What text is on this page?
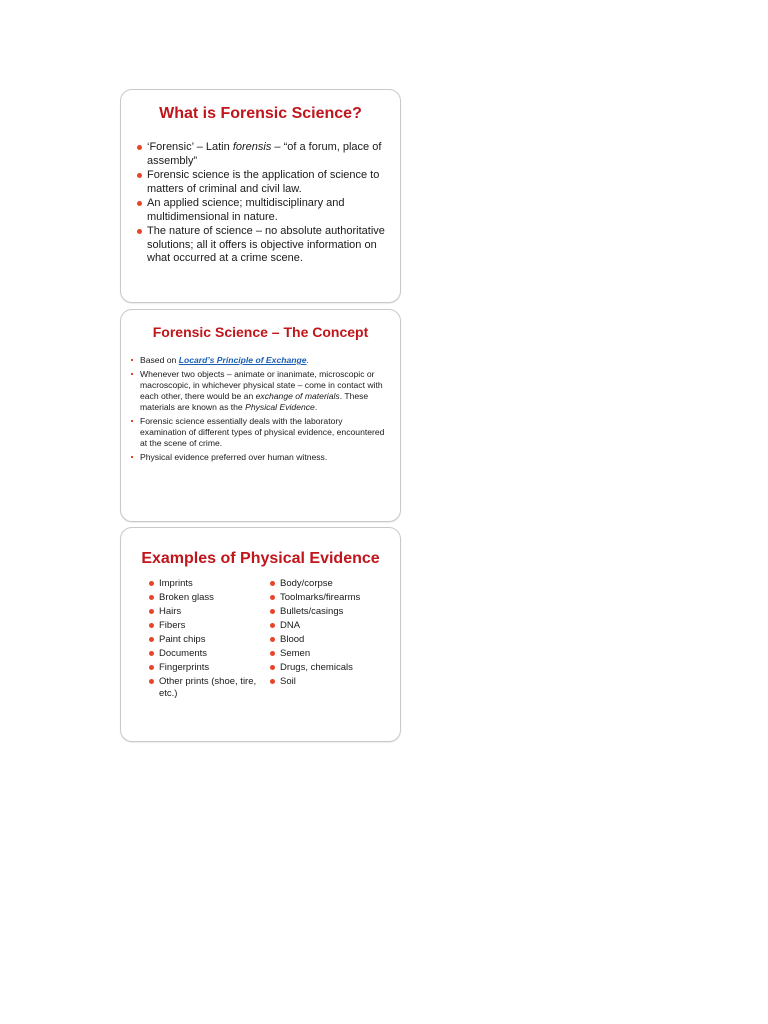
What is Forensic Science?
‘Forensic’ – Latin forensis – “of a forum, place of assembly”
Forensic science is the application of science to matters of criminal and civil law.
An applied science; multidisciplinary and multidimensional in nature.
The nature of science – no absolute authoritative solutions; all it offers is objective information on what occurred at a crime scene.
Forensic Science – The Concept
Based on Locard’s Principle of Exchange.
Whenever two objects – animate or inanimate, microscopic or macroscopic, in whichever physical state – come in contact with each other, there would be an exchange of materials. These materials are known as the Physical Evidence.
Forensic science essentially deals with the laboratory examination of different types of physical evidence, encountered at the scene of crime.
Physical evidence preferred over human witness.
Examples of Physical Evidence
Imprints
Broken glass
Hairs
Fibers
Paint chips
Documents
Fingerprints
Other prints (shoe, tire, etc.)
Body/corpse
Toolmarks/firearms
Bullets/casings
DNA
Blood
Semen
Drugs, chemicals
Soil
